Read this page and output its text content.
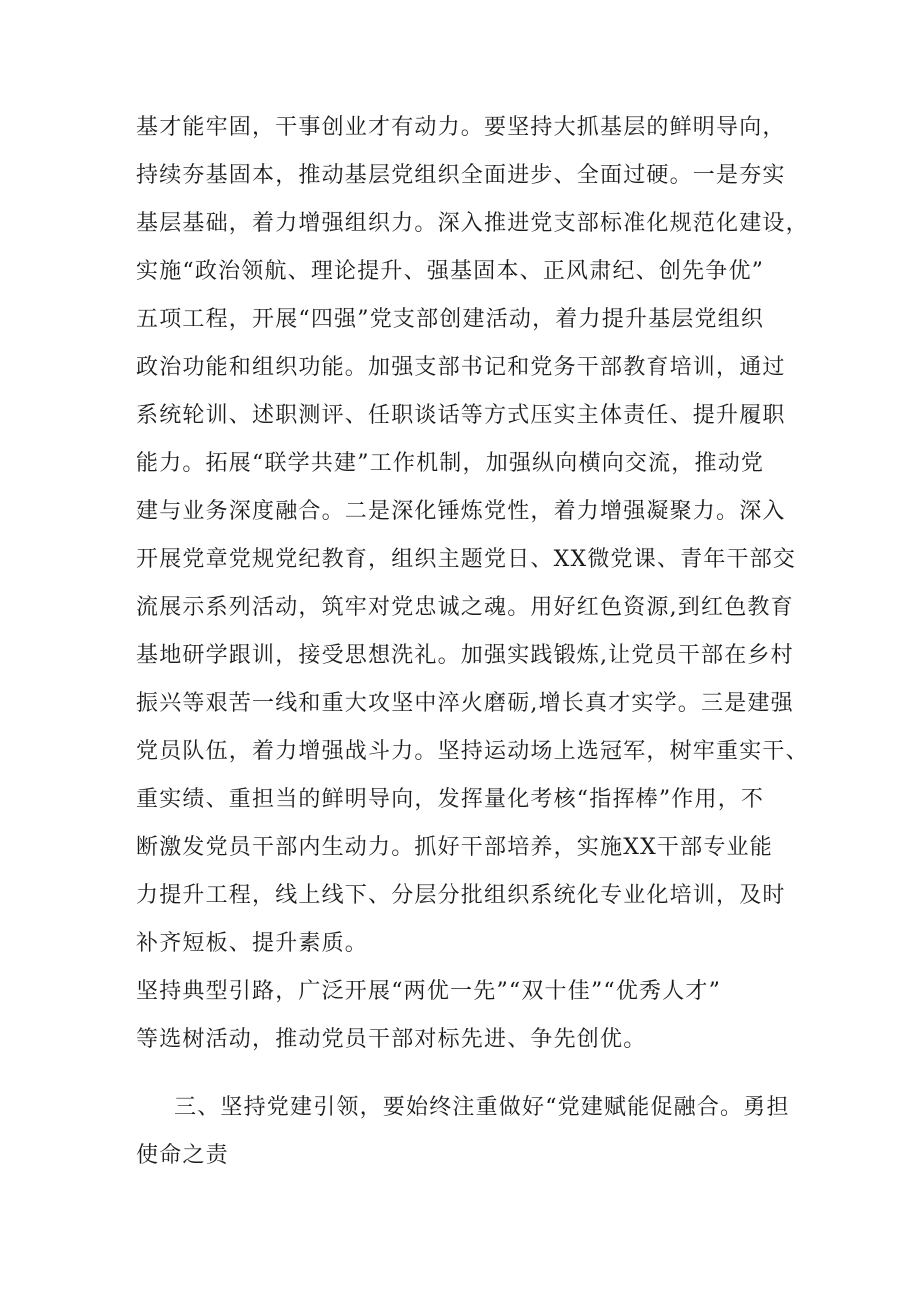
基才能牢固，干事创业才有动力。要坚持大抓基层的鲜明导向，
持续夯基固本，推动基层党组织全面进步、全面过硬。一是夯实
基层基础，着力增强组织力。深入推进党支部标准化规范化建设，
实施“政治领航、理论提升、强基固本、正风肃纪、创先争优”
五项工程，开展“四强”党支部创建活动，着力提升基层党组织
政治功能和组织功能。加强支部书记和党务干部教育培训，通过
系统轮训、述职测评、任职谈话等方式压实主体责任、提升履职
能力。拓展“联学共建”工作机制，加强纵向横向交流，推动党
建与业务深度融合。二是深化锤炼党性，着力增强凝聚力。深入
开展党章党规党纪教育，组织主题党日、XX微党课、青年干部交
流展示系列活动，筑牢对党忠诚之魂。用好红色资源,到红色教育
基地研学跟训，接受思想洗礼。加强实践锻炼,让党员干部在乡村
振兴等艰苦一线和重大攻坚中淬火磨砺,增长真才实学。三是建强
党员队伍，着力增强战斗力。坚持运动场上选冠军，树牢重实干、
重实绩、重担当的鲜明导向，发挥量化考核“指挥棒”作用，不
断激发党员干部内生动力。抓好干部培养，实施XX干部专业能
力提升工程，线上线下、分层分批组织系统化专业化培训，及时
补齐短板、提升素质。
坚持典型引路，广泛开展“两优一先”“双十佳”“优秀人才”
等选树活动，推动党员干部对标先进、争先创优。
三、坚持党建引领，要始终注重做好“党建赋能促融合。勇担
使命之责
